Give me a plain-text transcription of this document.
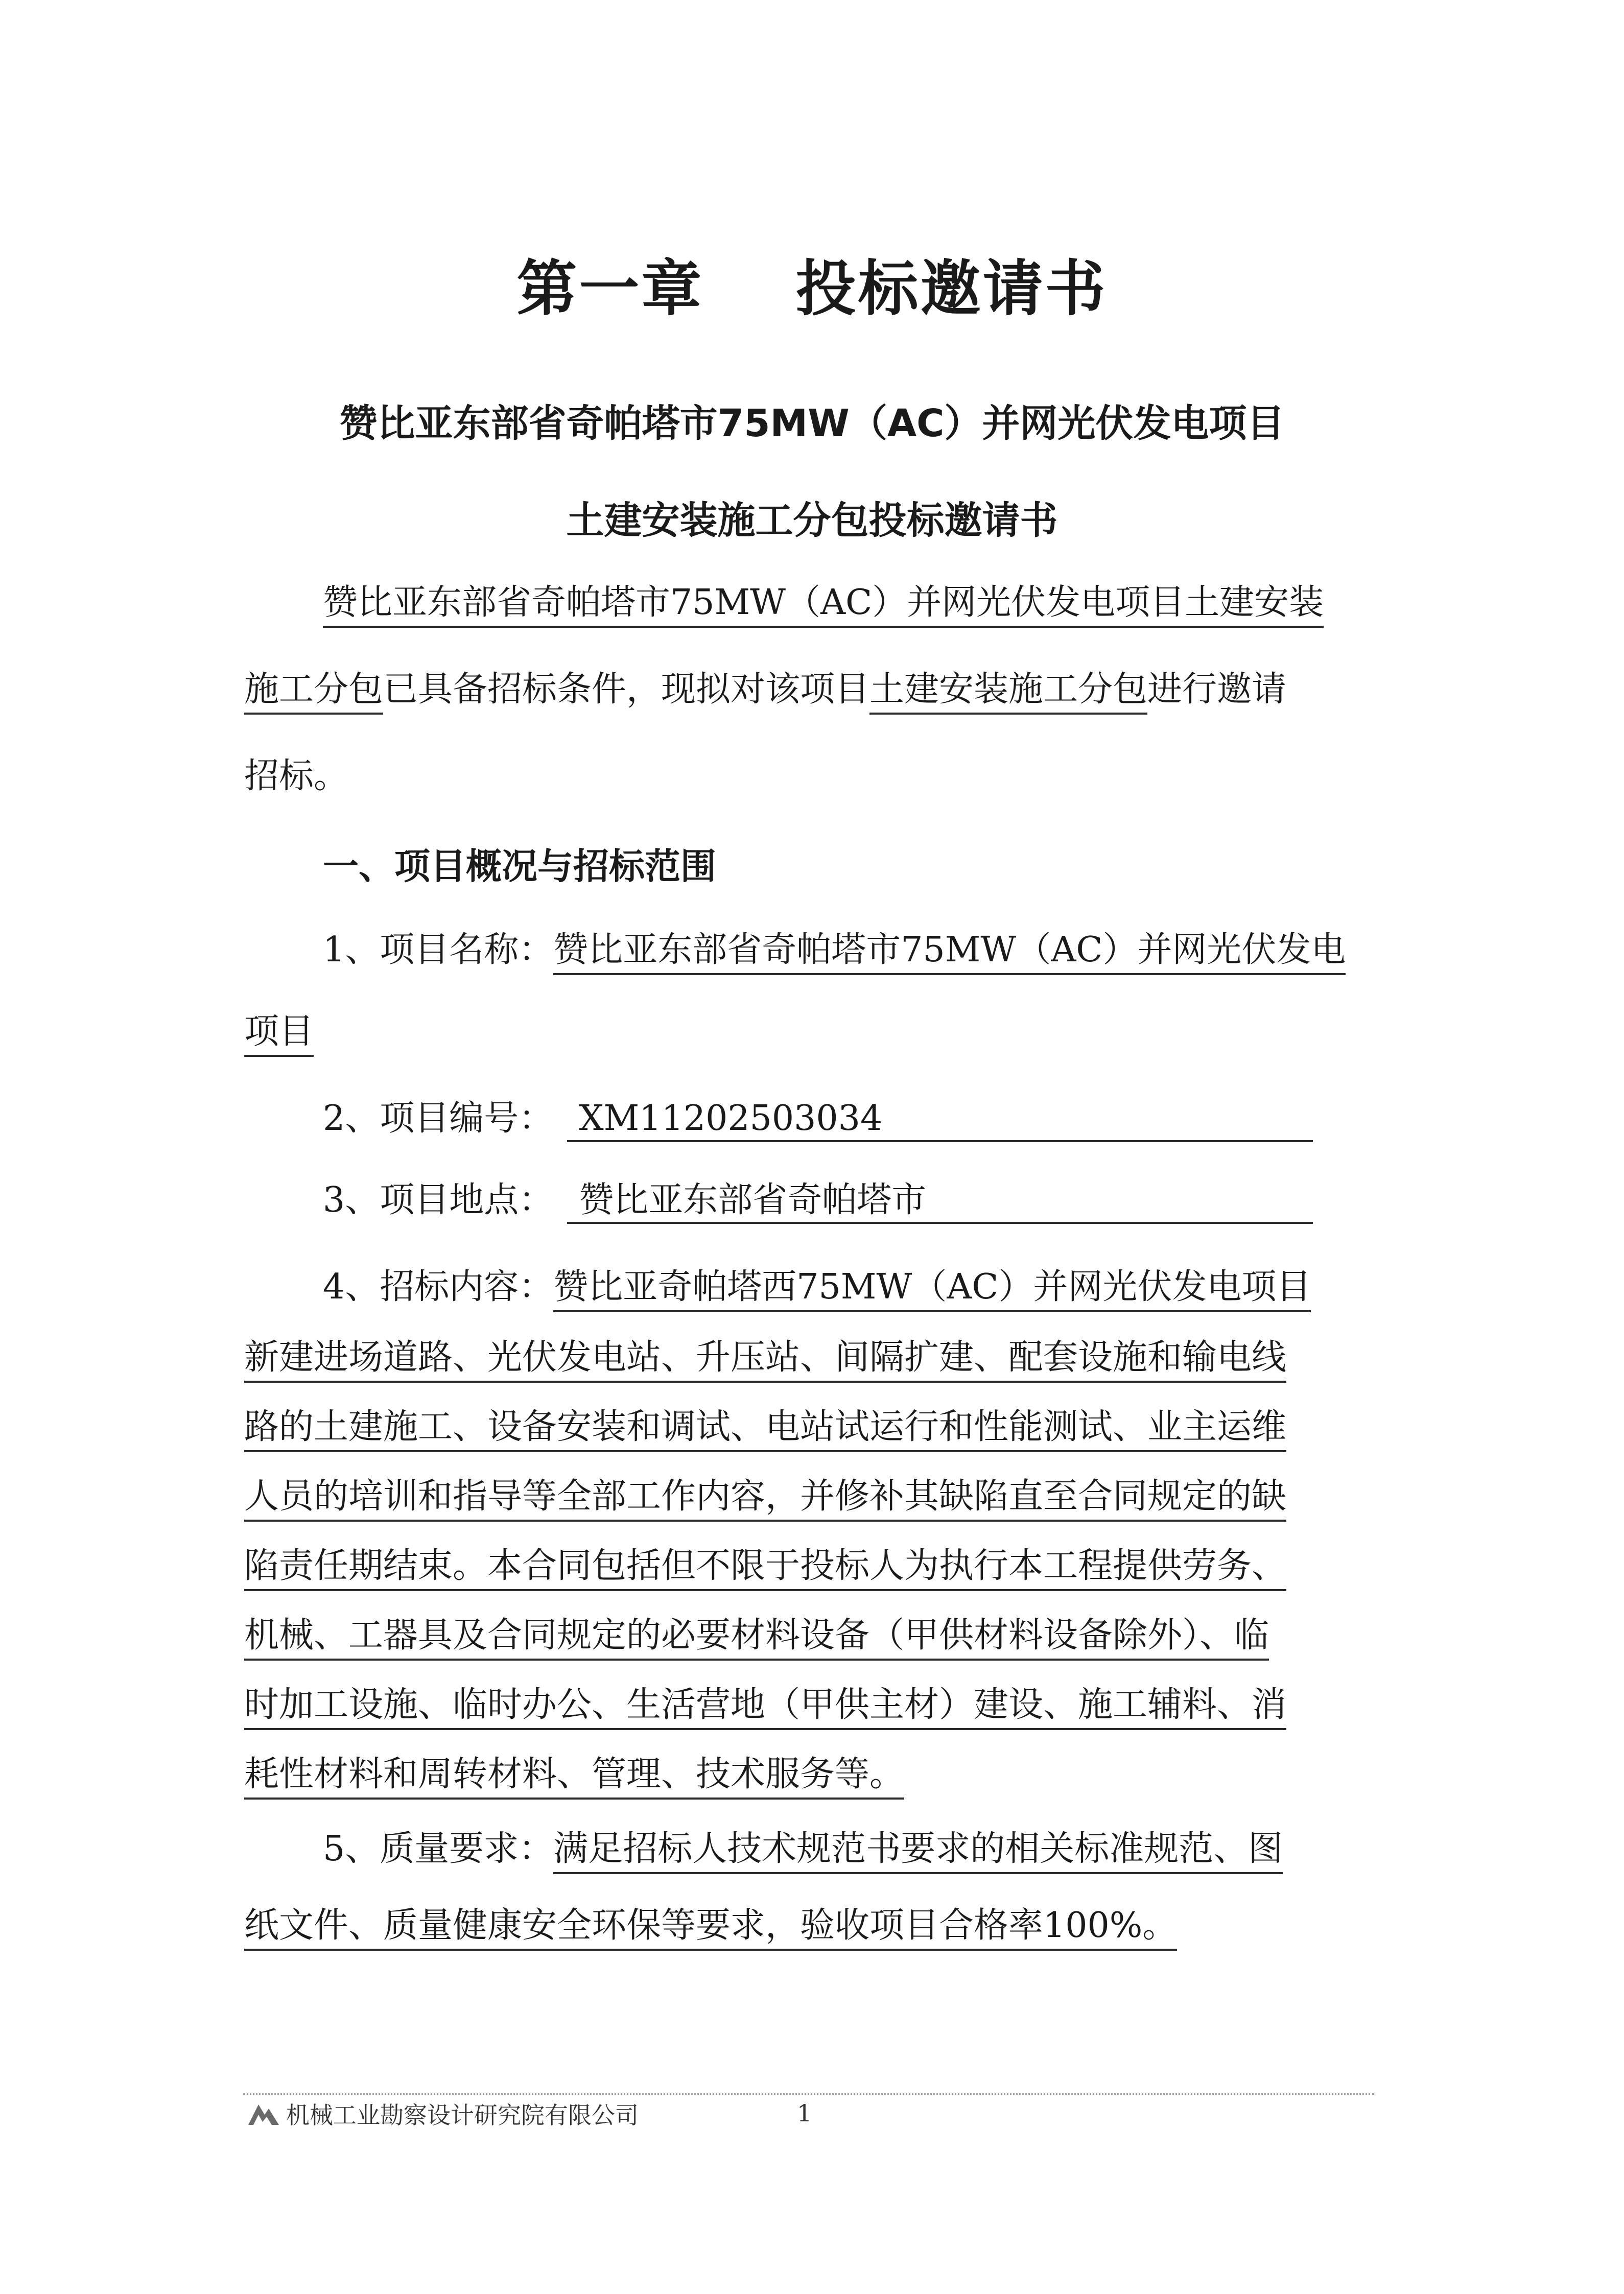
第一章    投标邀请书
赞比亚东部省奇帕塔市75MW（AC）并网光伏发电项目
土建安装施工分包投标邀请书
赞比亚东部省奇帕塔市75MW（AC）并网光伏发电项目土建安装
施工分包已具备招标条件，现拟对该项目土建安装施工分包进行邀请
招标。
一、项目概况与招标范围
1、项目名称：赞比亚东部省奇帕塔市75MW（AC）并网光伏发电
项目
2、项目编号： XM11202503034
3、项目地点： 赞比亚东部省奇帕塔市
4、招标内容：赞比亚奇帕塔西75MW（AC）并网光伏发电项目
新建进场道路、光伏发电站、升压站、间隔扩建、配套设施和输电线
路的土建施工、设备安装和调试、电站试运行和性能测试、业主运维
人员的培训和指导等全部工作内容，并修补其缺陷直至合同规定的缺
陷责任期结束。本合同包括但不限于投标人为执行本工程提供劳务、
机械、工器具及合同规定的必要材料设备（甲供材料设备除外）、临
时加工设施、临时办公、生活营地（甲供主材）建设、施工辅料、消
耗性材料和周转材料、管理、技术服务等。
5、质量要求：满足招标人技术规范书要求的相关标准规范、图
纸文件、质量健康安全环保等要求，验收项目合格率100%。
机械工业勘察设计研究院有限公司	1
